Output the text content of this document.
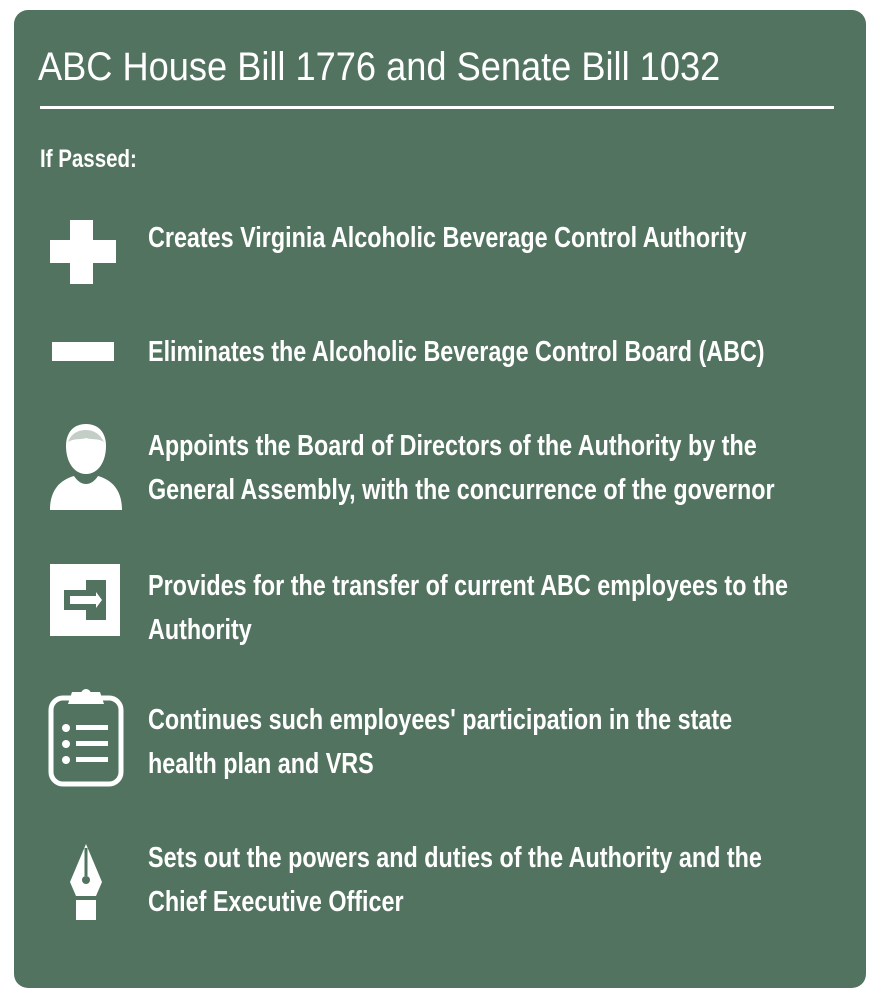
ABC House Bill 1776 and Senate Bill 1032

If Passed:

Creates Virginia Alcoholic Beverage Control Authority

Eliminates the Alcoholic Beverage Control Board (ABC)

Appoints the Board of Directors of the Authority by the
General Assembly, with the concurrence of the governor

Provides for the transfer of current ABC employees to the
Authority

Continues such employees' participation in the state
health plan and VRS

Sets out the powers and duties of the Authority and the
Chief Executive Officer
